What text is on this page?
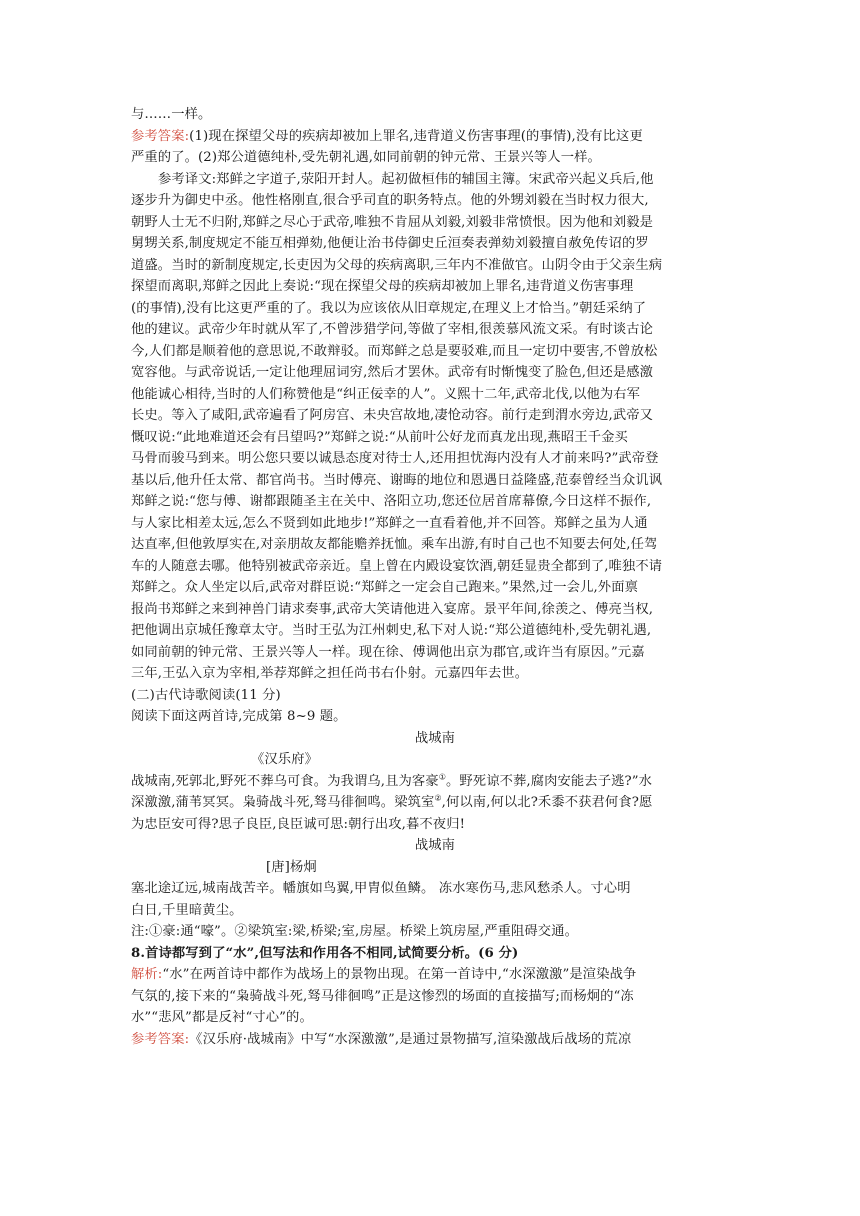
与……一样。
参考答案:(1)现在探望父母的疾病却被加上罪名,违背道义伤害事理(的事情),没有比这更
严重的了。(2)郑公道德纯朴,受先朝礼遇,如同前朝的钟元常、王景兴等人一样。
参考译文:郑鲜之字道子,荥阳开封人。起初做桓伟的辅国主簿。宋武帝兴起义兵后,他
逐步升为御史中丞。他性格刚直,很合乎司直的职务特点。他的外甥刘毅在当时权力很大,
朝野人士无不归附,郑鲜之尽心于武帝,唯独不肯屈从刘毅,刘毅非常愤恨。因为他和刘毅是
舅甥关系,制度规定不能互相弹劾,他便让治书侍御史丘洹奏表弹劾刘毅擅自赦免传诏的罗
道盛。当时的新制度规定,长吏因为父母的疾病离职,三年内不准做官。山阴令由于父亲生病
探望而离职,郑鲜之因此上奏说:“现在探望父母的疾病却被加上罪名,违背道义伤害事理
(的事情),没有比这更严重的了。我以为应该依从旧章规定,在理义上才恰当。”朝廷采纳了
他的建议。武帝少年时就从军了,不曾涉猎学问,等做了宰相,很羡慕风流文采。有时谈古论
今,人们都是顺着他的意思说,不敢辩驳。而郑鲜之总是要驳难,而且一定切中要害,不曾放松
宽容他。与武帝说话,一定让他理屈词穷,然后才罢休。武帝有时惭愧变了脸色,但还是感激
他能诚心相待,当时的人们称赞他是“纠正佞幸的人”。义熙十二年,武帝北伐,以他为右军
长史。等入了咸阳,武帝遍看了阿房宫、未央宫故地,凄怆动容。前行走到渭水旁边,武帝又
慨叹说:“此地难道还会有吕望吗?”郑鲜之说:“从前叶公好龙而真龙出现,燕昭王千金买
马骨而骏马到来。明公您只要以诚恳态度对待士人,还用担忧海内没有人才前来吗?”武帝登
基以后,他升任太常、都官尚书。当时傅亮、谢晦的地位和恩遇日益隆盛,范泰曾经当众讥讽
郑鲜之说:“您与傅、谢都跟随圣主在关中、洛阳立功,您还位居首席幕僚,今日这样不振作,
与人家比相差太远,怎么不贤到如此地步!”郑鲜之一直看着他,并不回答。郑鲜之虽为人通
达直率,但他敦厚实在,对亲朋故友都能赡养抚恤。乘车出游,有时自己也不知要去何处,任驾
车的人随意去哪。他特别被武帝亲近。皇上曾在内殿设宴饮酒,朝廷显贵全都到了,唯独不请
郑鲜之。众人坐定以后,武帝对群臣说:“郑鲜之一定会自己跑来。”果然,过一会儿,外面禀
报尚书郑鲜之来到神兽门请求奏事,武帝大笑请他进入宴席。景平年间,徐羡之、傅亮当权,
把他调出京城任豫章太守。当时王弘为江州刺史,私下对人说:“郑公道德纯朴,受先朝礼遇,
如同前朝的钟元常、王景兴等人一样。现在徐、傅调他出京为郡官,或许当有原因。”元嘉
三年,王弘入京为宰相,举荐郑鲜之担任尚书右仆射。元嘉四年去世。
(二)古代诗歌阅读(11 分)
阅读下面这两首诗,完成第 8~9 题。
战城南
《汉乐府》
战城南,死郭北,野死不葬乌可食。为我谓乌,且为客豪①。野死谅不葬,腐肉安能去子逃?”水
深激激,蒲苇冥冥。枭骑战斗死,驽马徘徊鸣。梁筑室②,何以南,何以北?禾黍不获君何食?愿
为忠臣安可得?思子良臣,良臣诚可思:朝行出攻,暮不夜归!
战城南
[唐]杨炯
塞北途辽远,城南战苦辛。幡旗如鸟翼,甲胄似鱼鳞。 冻水寒伤马,悲风愁杀人。寸心明
白日,千里暗黄尘。
注:①豪:通“嚎”。②梁筑室:梁,桥梁;室,房屋。桥梁上筑房屋,严重阻碍交通。
8.首诗都写到了“水”,但写法和作用各不相同,试简要分析。(6 分)
解析:“水”在两首诗中都作为战场上的景物出现。在第一首诗中,“水深激激”是渲染战争
气氛的,接下来的“枭骑战斗死,驽马徘徊鸣”正是这惨烈的场面的直接描写;而杨炯的“冻
水”“悲风”都是反衬“寸心”的。
参考答案:《汉乐府·战城南》中写“水深激激”,是通过景物描写,渲染激战后战场的荒凉
